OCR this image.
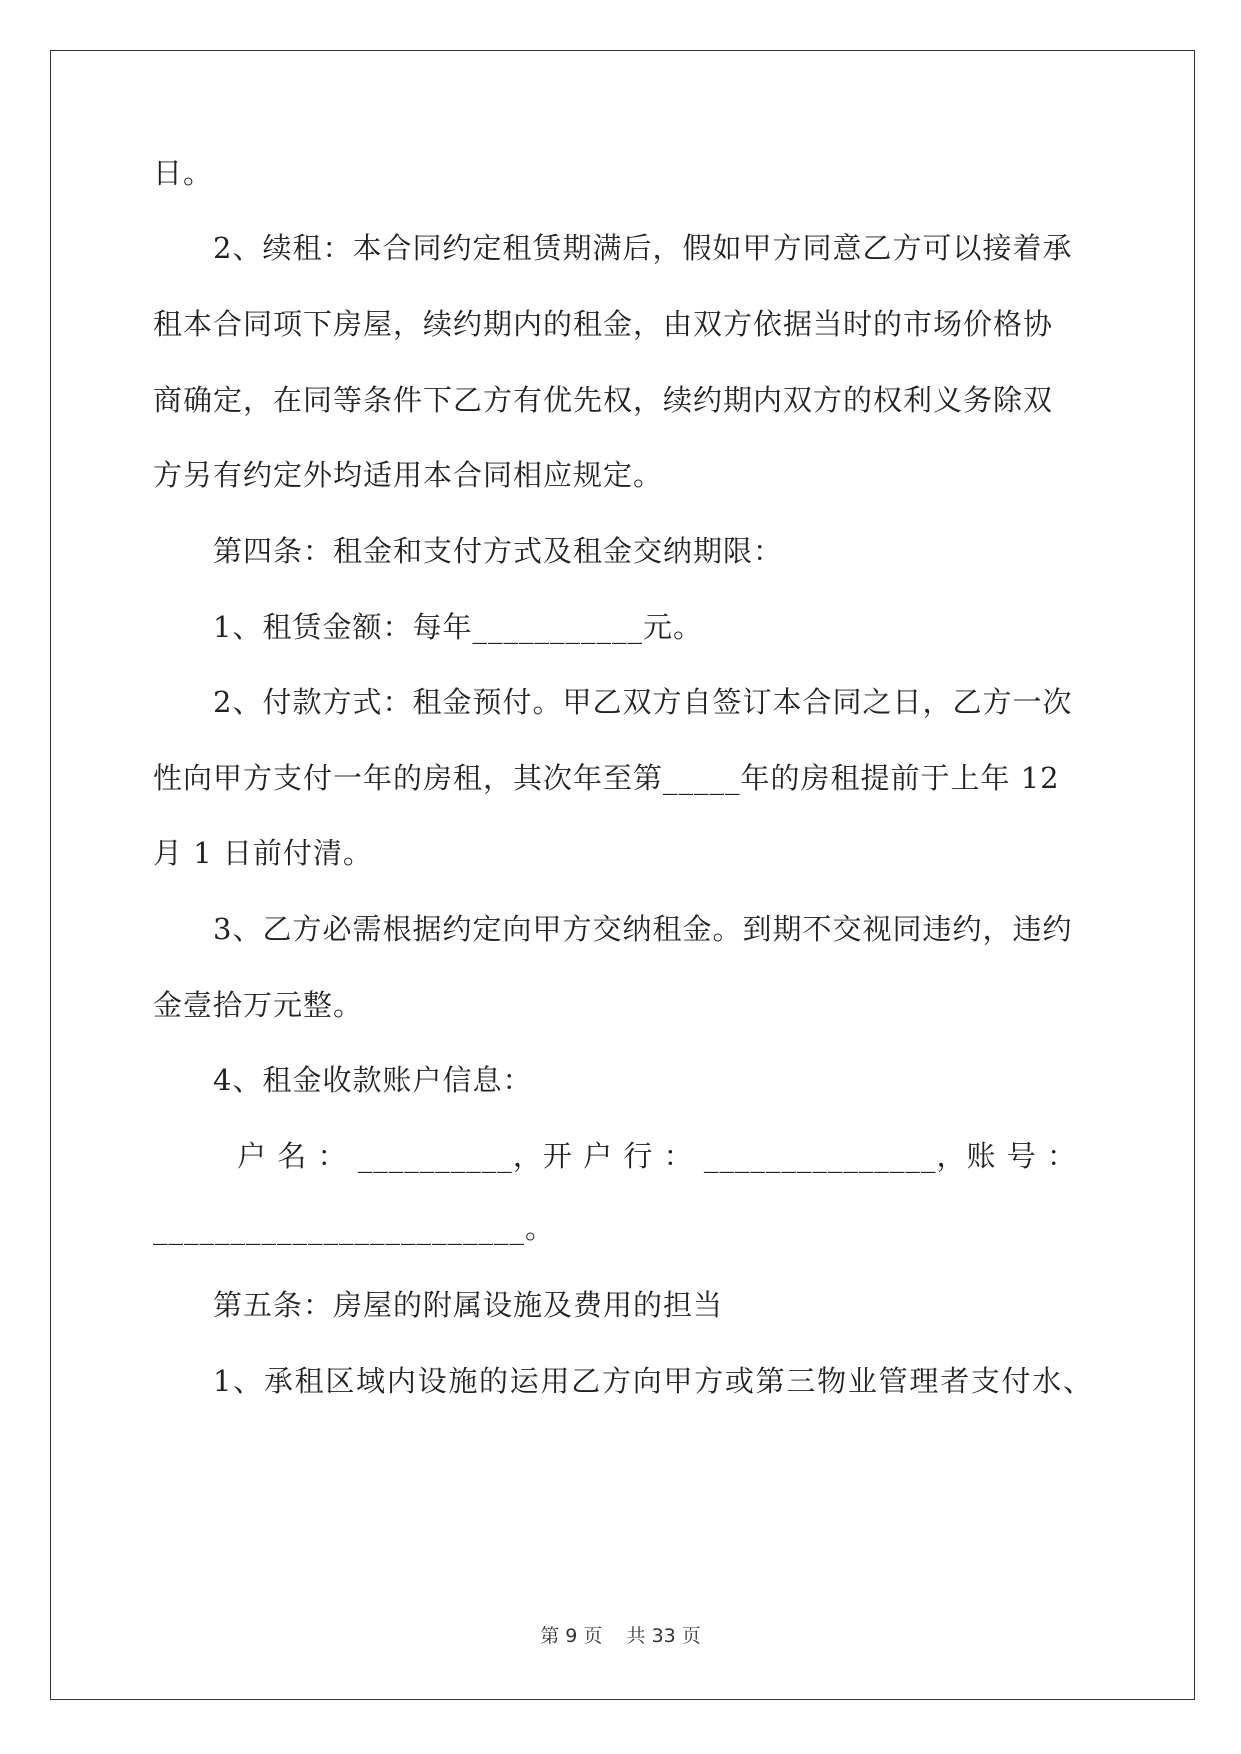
日。
2、续租：本合同约定租赁期满后，假如甲方同意乙方可以接着承
租本合同项下房屋，续约期内的租金，由双方依据当时的市场价格协
商确定，在同等条件下乙方有优先权，续约期内双方的权利义务除双
方另有约定外均适用本合同相应规定。
第四条：租金和支付方式及租金交纳期限：
1、租赁金额：每年___________元。
2、付款方式：租金预付。甲乙双方自签订本合同之日，乙方一次
性向甲方支付一年的房租，其次年至第_____年的房租提前于上年 12
月 1 日前付清。
3、乙方必需根据约定向甲方交纳租金。到期不交视同违约，违约
金壹拾万元整。
4、租金收款账户信息：
户 名 ： __________，开 户 行 ： _______________，账 号 ：
________________________。
第五条：房屋的附属设施及费用的担当
1、承租区域内设施的运用乙方向甲方或第三物业管理者支付水、
第 9 页 共 33 页
